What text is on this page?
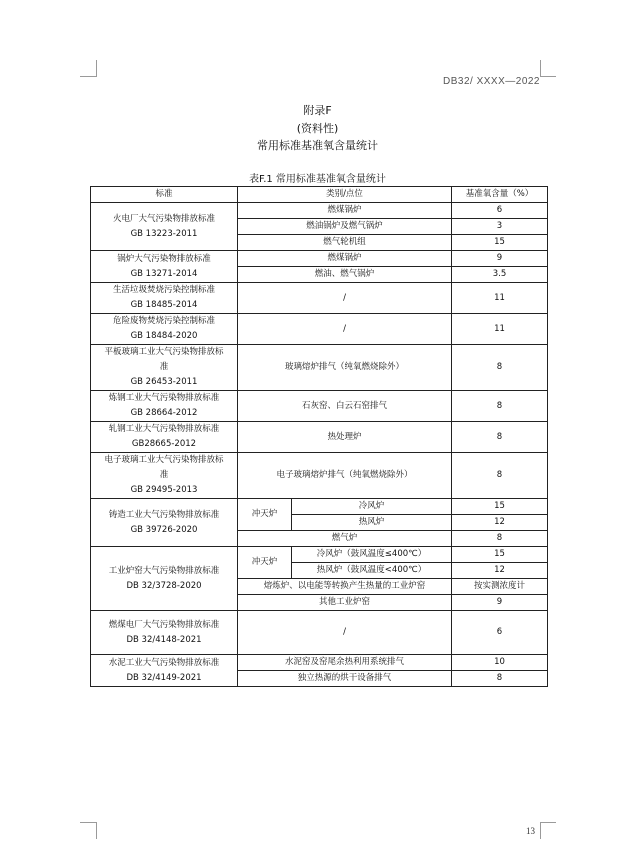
DB32/ XXXX—2022
附录F
(资料性)
常用标准基准氧含量统计
表F.1 常用标准基准氧含量统计
标准	类别/点位		基准氧含量（%）

火电厂大气污染物排放标准
GB 13223-2011	燃煤锅炉		6
	燃油锅炉及燃气锅炉		3
	燃气轮机组		15

锅炉大气污染物排放标准
GB 13271-2014	燃煤锅炉		9
	燃油、燃气锅炉		3.5

生活垃圾焚烧污染控制标准
GB 18485-2014	/		11

危险废物焚烧污染控制标准
GB 18484-2020	/		11

平板玻璃工业大气污染物排放标
准
GB 26453-2011	玻璃熔炉排气（纯氧燃烧除外）		8

炼钢工业大气污染物排放标准
GB 28664-2012	石灰窑、白云石窑排气		8

轧钢工业大气污染物排放标准
GB28665-2012	热处理炉		8

电子玻璃工业大气污染物排放标
准
GB 29495-2013	电子玻璃熔炉排气（纯氧燃烧除外）		8

铸造工业大气污染物排放标准
GB 39726-2020	冲天炉	冷风炉	15
		热风炉	12
	燃气炉		8

工业炉窑大气污染物排放标准
DB 32/3728-2020	冲天炉	冷风炉（鼓风温度≤400℃）	15
		热风炉（鼓风温度<400℃）	12
	熔炼炉、以电能等转换产生热量的工业炉窑		按实测浓度计
	其他工业炉窑		9

燃煤电厂大气污染物排放标准
DB 32/4148-2021	/		6

水泥工业大气污染物排放标准
DB 32/4149-2021	水泥窑及窑尾余热利用系统排气		10
	独立热源的烘干设备排气		8
13
